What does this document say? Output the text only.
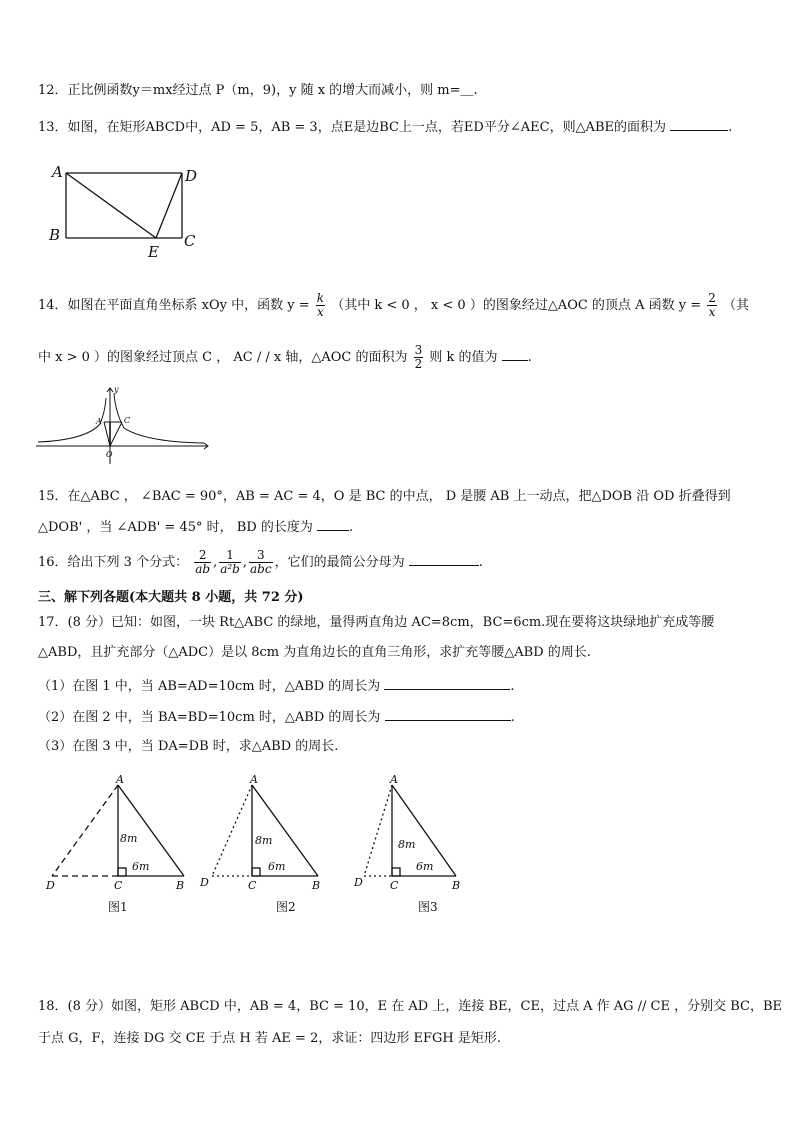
12．正比例函数y＝mx经过点 P（m，9)，y 随 x 的增大而减小，则 m=＿.
13．如图，在矩形ABCD中，AD = 5，AB = 3，点E是边BC上一点，若ED平分∠AEC，则△ABE的面积为	.
A	D
B	C
E
14．如图在平面直角坐标系 xOy 中，函数 $y = \frac{k}{x}$ （其中 k < 0 ， x < 0 ）的图象经过△AOC 的顶点 A 函数 $y = \frac{2}{x}$ （其
中 x > 0 ）的图象经过顶点 C ， AC / / x 轴，△AOC 的面积为 $\frac{3}{2}$ 则 k 的值为 .
y
A	C
O
15．在△ABC ， ∠BAC = 90°，AB = AC = 4，O 是 BC 的中点， D 是腰 AB 上一动点，把△DOB 沿 OD 折叠得到
△DOB' ，当 ∠ADB' = 45° 时， BD 的长度为	.
16．给出下列 3 个分式： $\frac{2}{ab}$ , $\frac{1}{\text{a²b}}$ , $\frac{3}{\text{abc}}$ ，它们的最简公分母为	.
三、解下列各题(本大题共 8 小题，共 72 分)
17．(8 分）已知：如图，一块 Rt△ABC 的绿地，量得两直角边 AC=8cm，BC=6cm.现在要将这块绿地扩充成等腰
△ABD，且扩充部分（△ADC）是以 8cm 为直角边长的直角三角形，求扩充等腰△ABD 的周长.
（1）在图 1 中，当 AB=AD=10cm 时，△ABD 的周长为	.
（2）在图 2 中，当 BA=BD=10cm 时，△ABD 的周长为	.
（3）在图 3 中，当 DA=DB 时，求△ABD 的周长.
A
8m
6m
D	C	B
图1
A
8m
6m
D	C	B
图2
A
8m
6m
D C	B
图3
18．(8 分）如图，矩形 ABCD 中，AB = 4，BC = 10，E 在 AD 上，连接 BE，CE，过点 A 作 AG // CE ，分别交 BC，BE
于点 G，F，连接 DG 交 CE 于点 H 若 AE = 2，求证：四边形 EFGH 是矩形.
